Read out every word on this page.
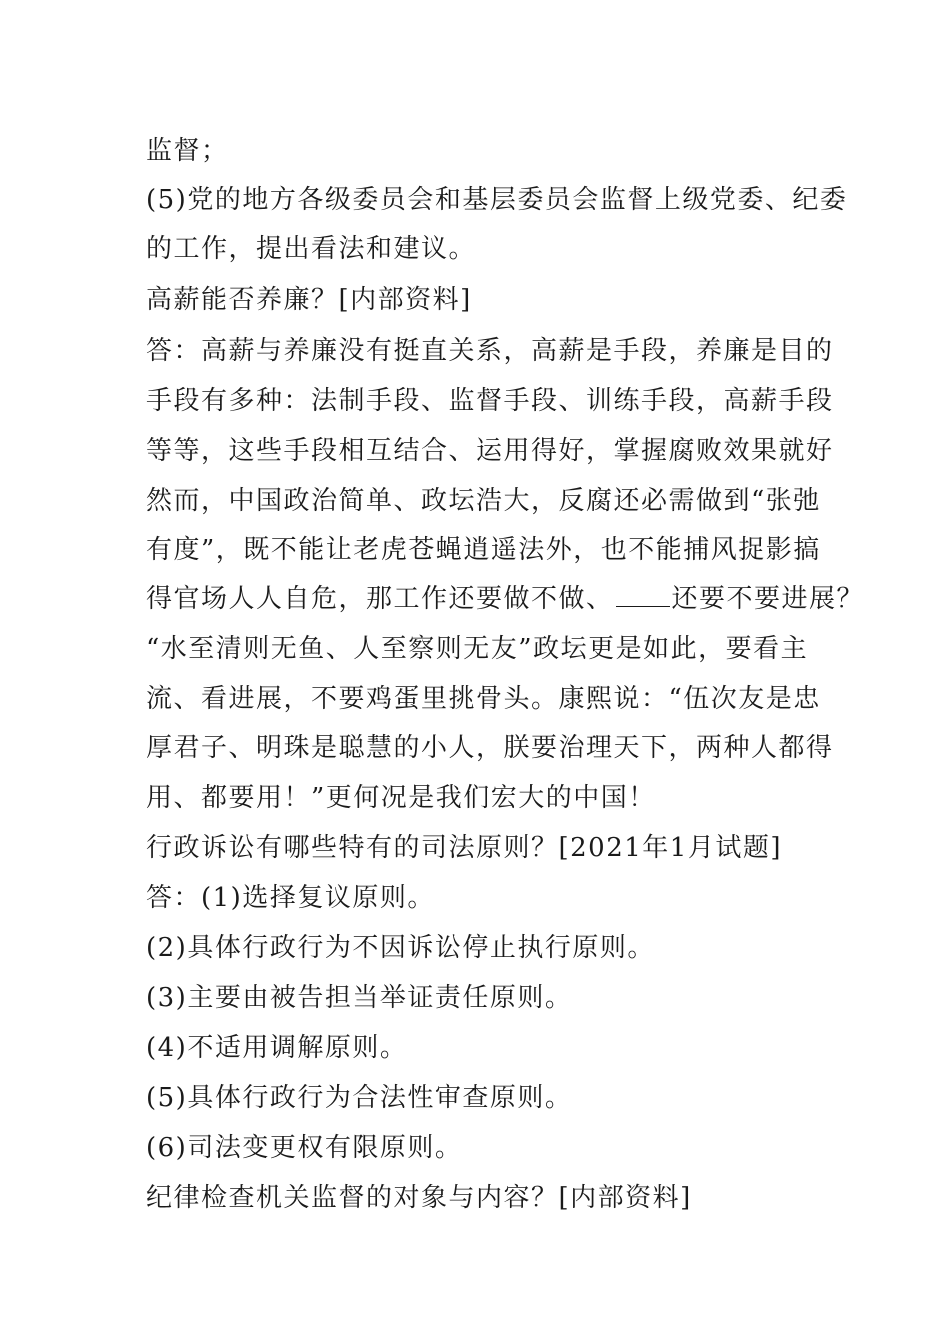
监督；
(5)党的地方各级委员会和基层委员会监督上级党委、纪委
的工作，提出看法和建议。
高薪能否养廉？[内部资料]
答：高薪与养廉没有挺直关系，高薪是手段，养廉是目的
手段有多种：法制手段、监督手段、训练手段，高薪手段
等等，这些手段相互结合、运用得好，掌握腐败效果就好
然而，中国政治简单、政坛浩大，反腐还必需做到“张弛
有度”，既不能让老虎苍蝇逍遥法外，也不能捕风捉影搞
得官场人人自危，那工作还要做不做、 还要不要进展？
“水至清则无鱼、人至察则无友”政坛更是如此，要看主
流、看进展，不要鸡蛋里挑骨头。康熙说：“伍次友是忠
厚君子、明珠是聪慧的小人，朕要治理天下，两种人都得
用、都要用！”更何况是我们宏大的中国！
行政诉讼有哪些特有的司法原则？[2021年1月试题]
答：(1)选择复议原则。
(2)具体行政行为不因诉讼停止执行原则。
(3)主要由被告担当举证责任原则。
(4)不适用调解原则。
(5)具体行政行为合法性审查原则。
(6)司法变更权有限原则。
纪律检查机关监督的对象与内容？[内部资料]
